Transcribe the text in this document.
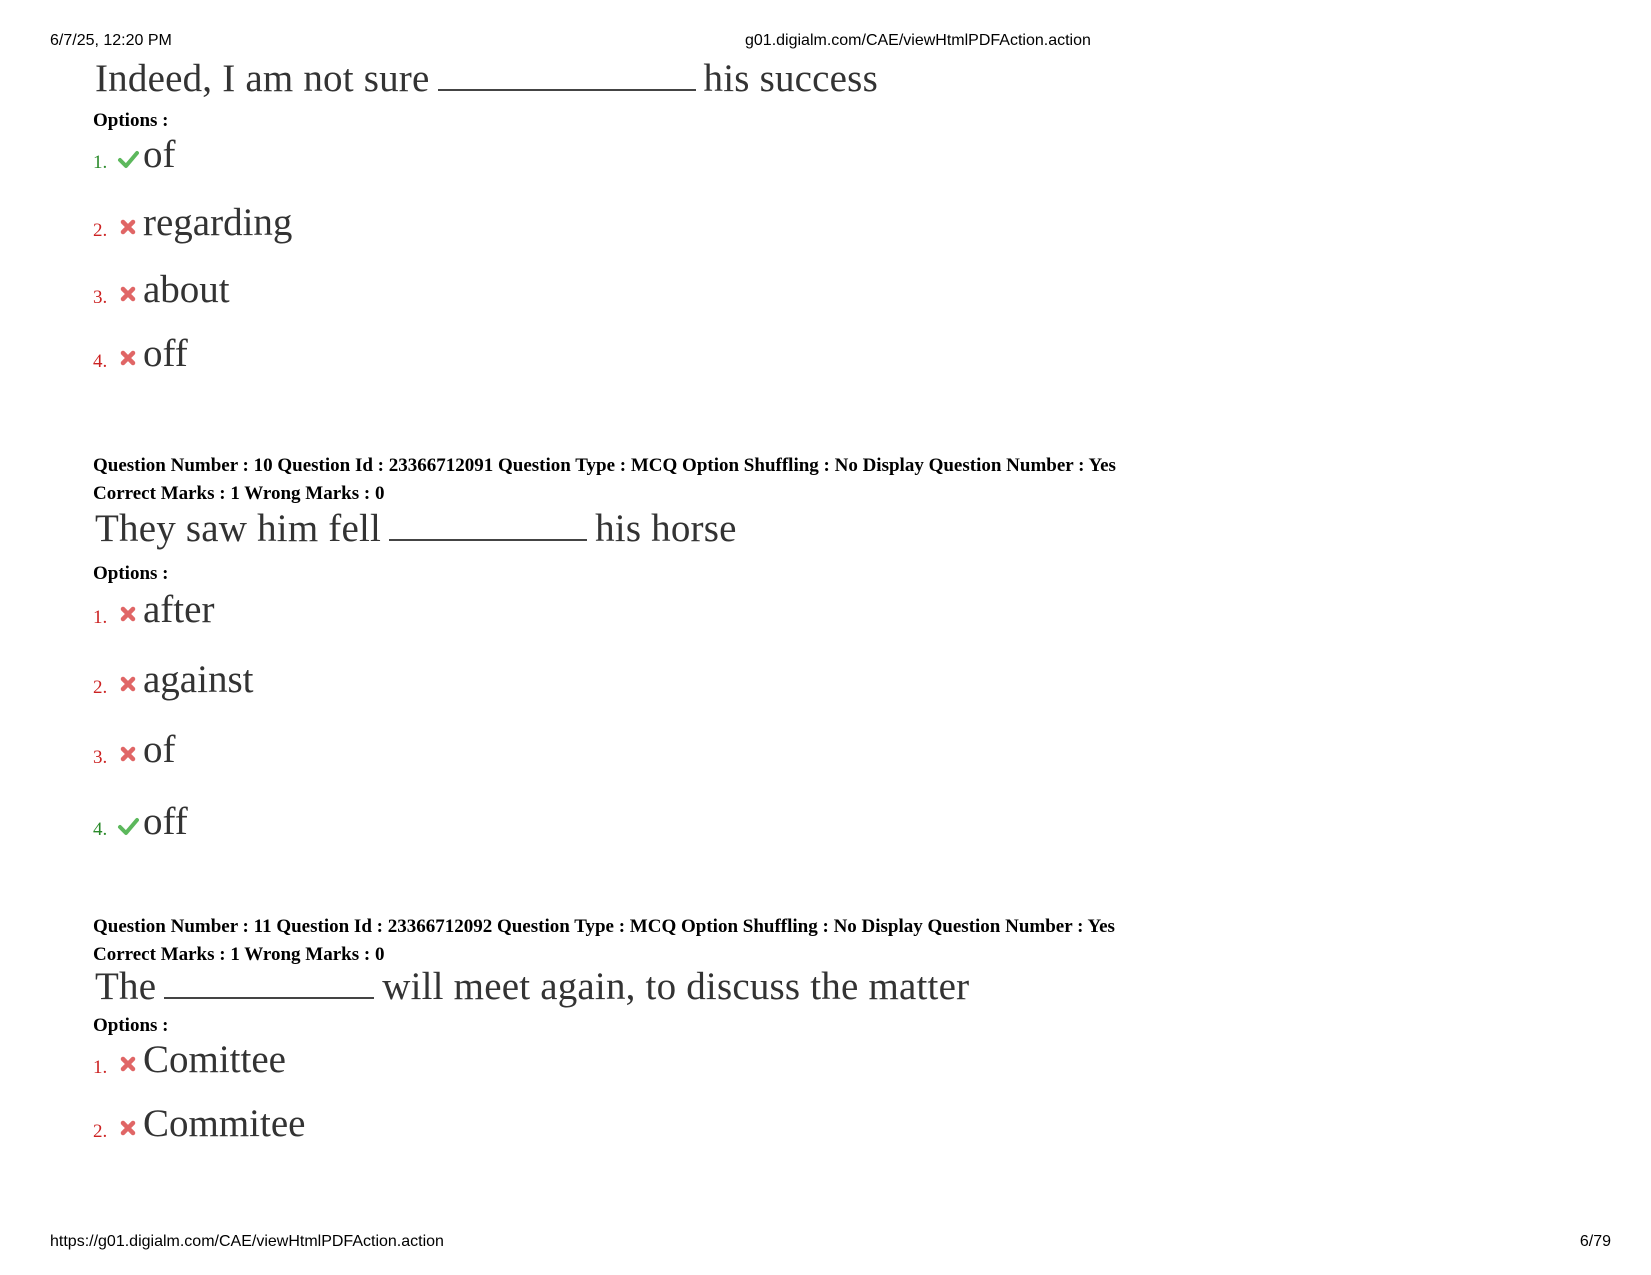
6/7/25, 12:20 PM	g01.digialm.com/CAE/viewHtmlPDFAction.action
https://g01.digialm.com/CAE/viewHtmlPDFAction.action	6/79
Indeed, I am not sure	his success
Options :
1. of
2. regarding
3. about
4. off
Question Number : 10 Question Id : 23366712091 Question Type : MCQ Option Shuffling : No Display Question Number : Yes
Correct Marks : 1 Wrong Marks : 0
They saw him fell	his horse
Options :
1. after
2. against
3. of
4. off
Question Number : 11 Question Id : 23366712092 Question Type : MCQ Option Shuffling : No Display Question Number : Yes
Correct Marks : 1 Wrong Marks : 0
The	will meet again, to discuss the matter
Options :
1. Comittee
2. Commitee
